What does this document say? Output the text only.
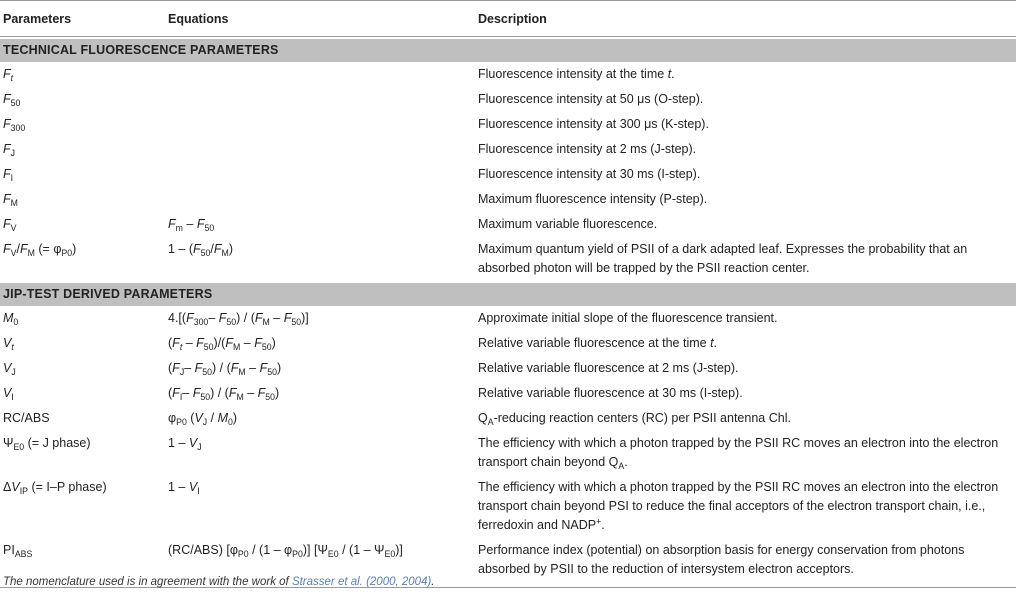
Parameters	Equations	Description

TECHNICAL FLUORESCENCE PARAMETERS		
$F_t$		Fluorescence intensity at the time t.
$F_{50}$		Fluorescence intensity at 50 μs (O-step).
$F_{300}$		Fluorescence intensity at 300 μs (K-step).
$F_J$		Fluorescence intensity at 2 ms (J-step).
$F_I$		Fluorescence intensity at 30 ms (I-step).
$F_M$		Maximum fluorescence intensity (P-step).
$F_V$	$F_m - F_{50}$	Maximum variable fluorescence.
$F_V/F_M$ (= $\varphi_{P0}$)	$1 - (F_{50}/F_M)$	Maximum quantum yield of PSII of a dark adapted leaf. Expresses the probability that an absorbed photon will be trapped by the PSII reaction center.

JIP-TEST DERIVED PARAMETERS		
$M_0$	$4.[(F_{300}-$ $F_{50}) / (F_M - F_{50})$]	Approximate initial slope of the fluorescence transient.
$V_t$	$(F_t - F_{50})/(F_M - F_{50})$	Relative variable fluorescence at the time t.
$V_J$	($F_J-$ $F_{50}) / (F_M - F_{50})$	Relative variable fluorescence at 2 ms (J-step).
$V_I$	($F_I-$ $F_{50}) / (F_M - F_{50})$	Relative variable fluorescence at 30 ms (I-step).
RC/ABS	$\varphi_{P0}$ $(V_J / M_0)$	$Q_A$-reducing reaction centers (RC) per PSII antenna Chl.
$\Psi_{E0}$ (= J phase)	$1 - V_J$	The efficiency with which a photon trapped by the PSII RC moves an electron into the electron transport chain beyond $Q_A$.
$\Delta V_{IP}$ (= I–P phase)	$1 - V_I$	The efficiency with which a photon trapped by the PSII RC moves an electron into the electron transport chain beyond PSI to reduce the final acceptors of the electron transport chain, i.e., ferredoxin and NADP+.
$PI_{ABS}$	(RC/ABS) $[\varphi_{P0} / (1 - \varphi_{P0})]$ $[\Psi_{E0} / (1 - \Psi_{E0})]$	Performance index (potential) on absorption basis for energy conservation from photons absorbed by PSII to the reduction of intersystem electron acceptors.
The nomenclature used is in agreement with the work of Strasser et al. (2000, 2004).
